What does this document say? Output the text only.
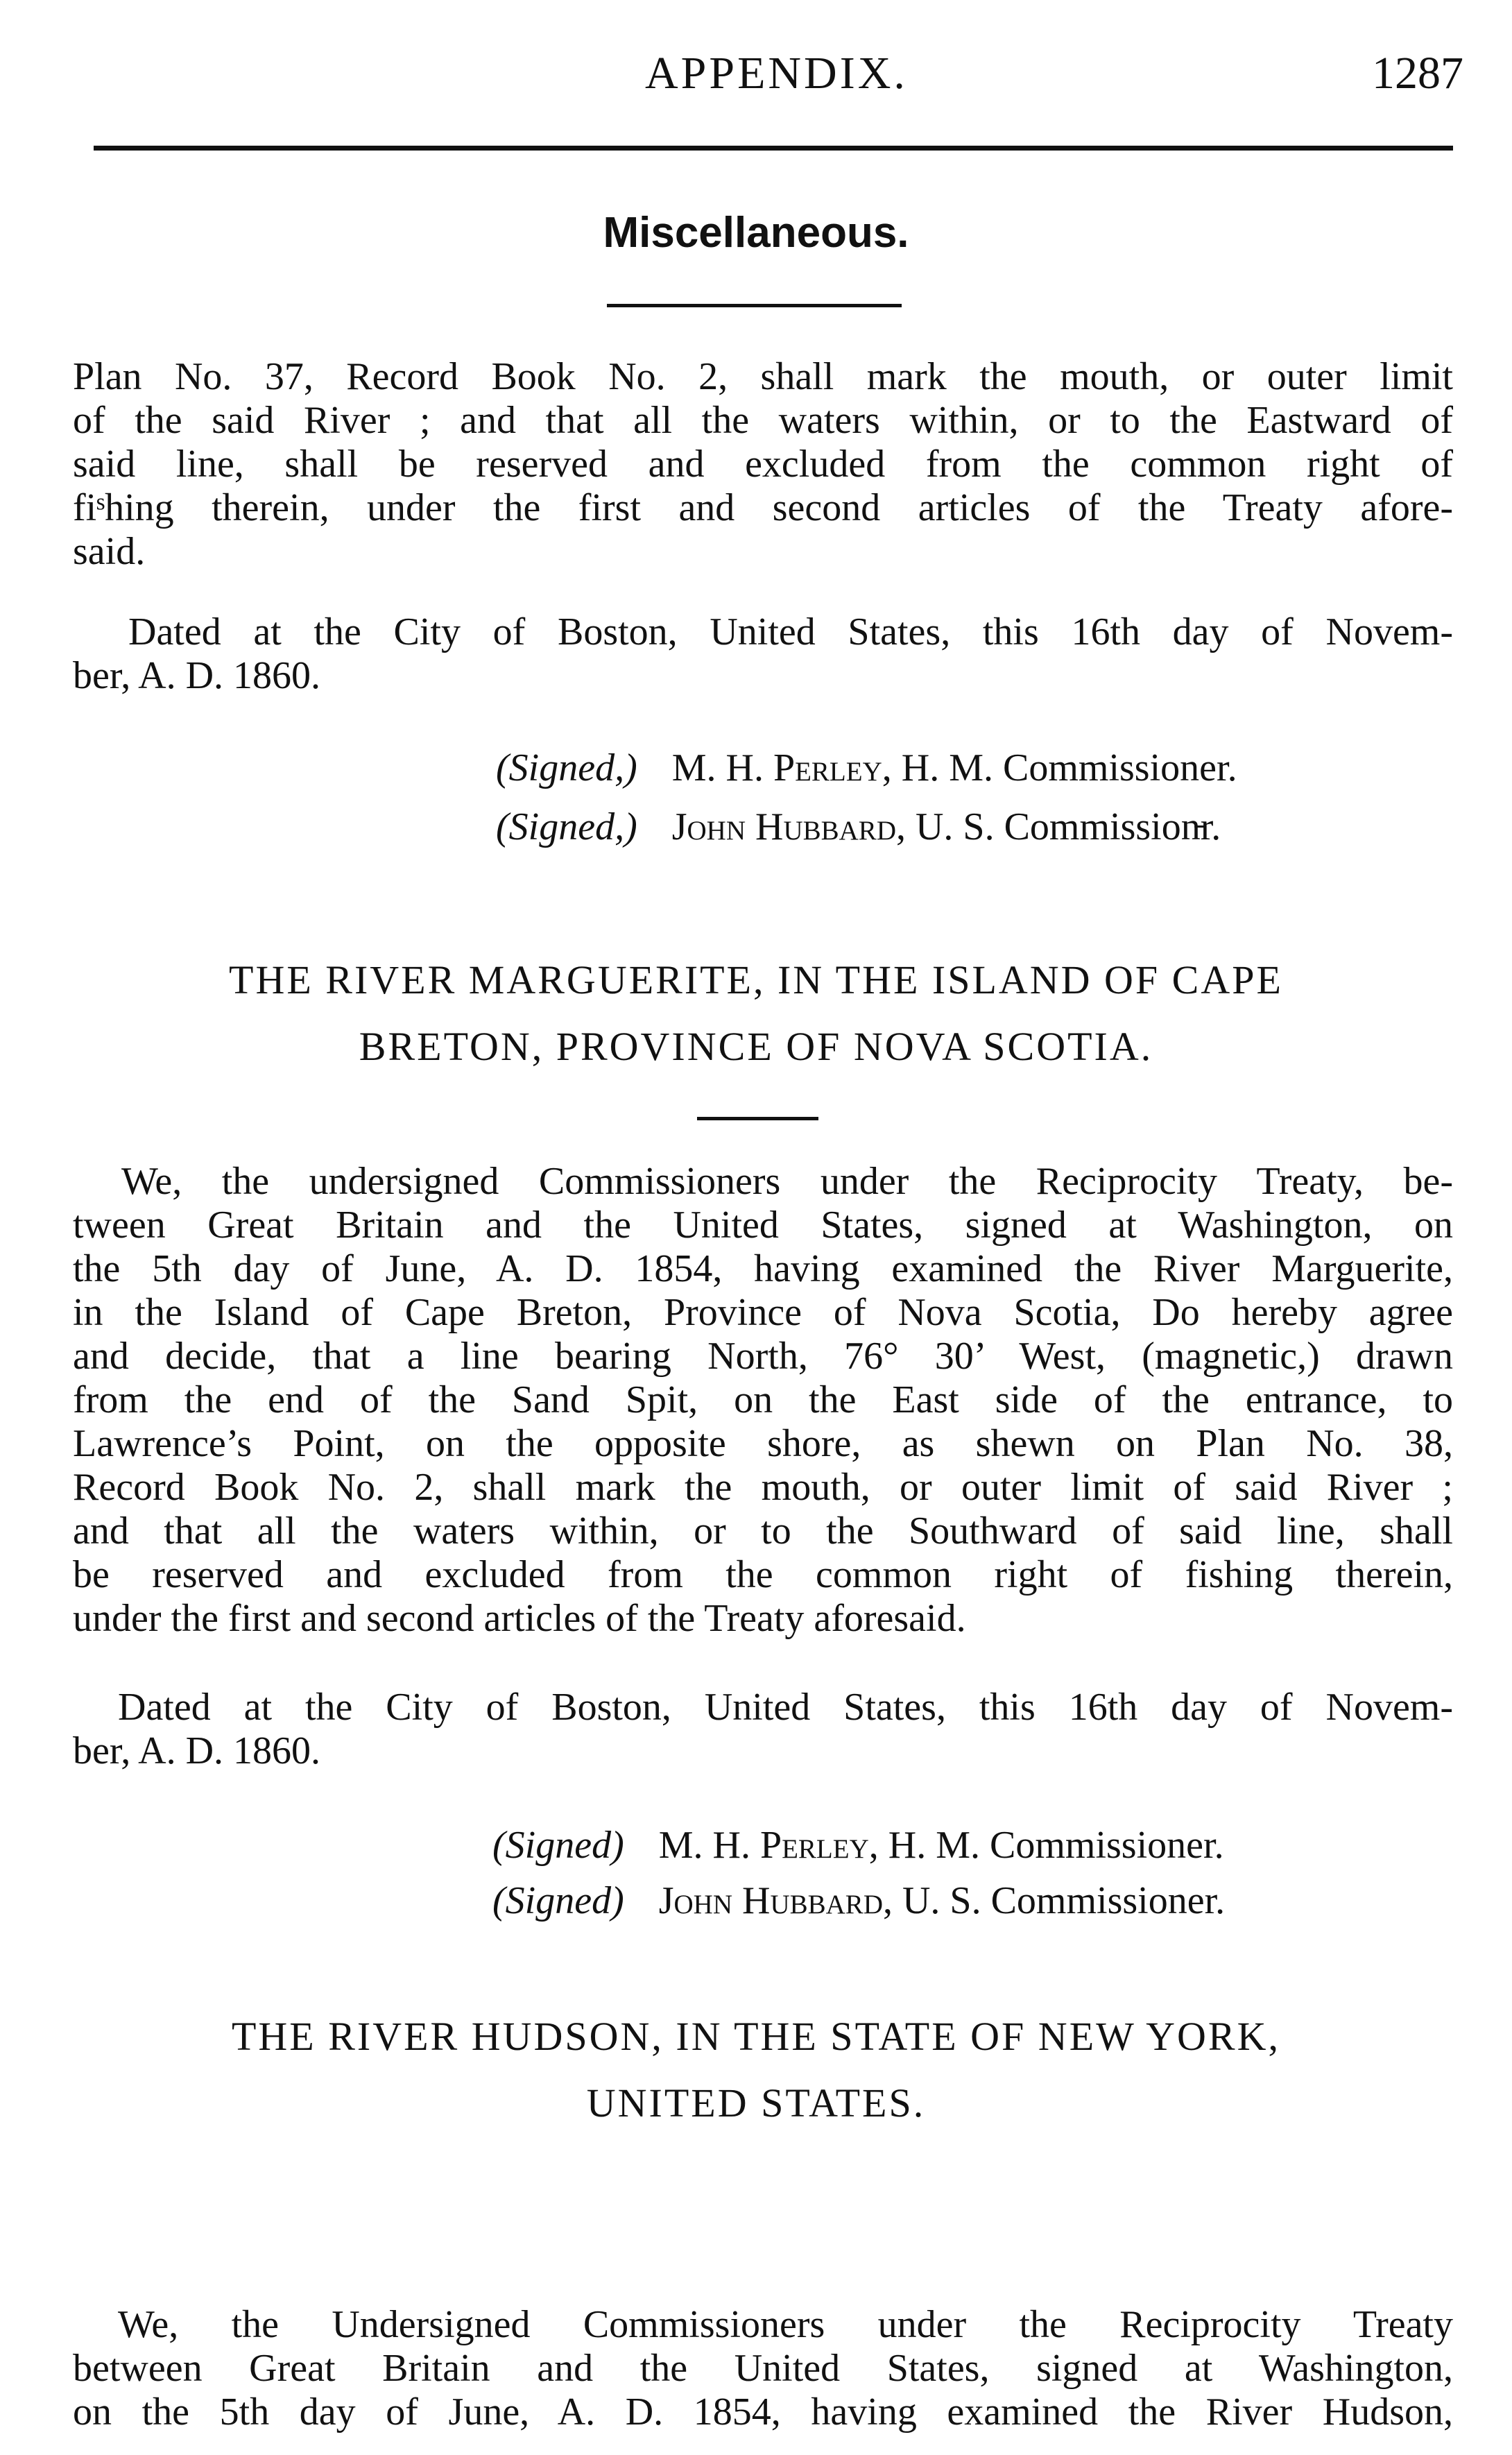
APPENDIX.	1287
Miscellaneous.
Plan No. 37, Record Book No. 2, shall mark the mouth, or outer limit
of the said River ; and that all the waters within, or to the Eastward of
said line, shall be reserved and excluded from the common right of
fiˢhing therein, under the first and second articles of the Treaty afore-
said.
Dated at the City of Boston, United States, this 16th day of Novem-
ber, A. D. 1860.
(Signed,) M. H. Perley, H. M. Commissioner.
(Signed,) John Hubbard, U. S. Commission̵r.
THE RIVER MARGUERITE, IN THE ISLAND OF CAPE
BRETON, PROVINCE OF NOVA SCOTIA.
We, the undersigned Commissioners under the Reciprocity Treaty, be-
tween Great Britain and the United States, signed at Washington, on
the 5th day of June, A. D. 1854, having examined the River Marguerite,
in the Island of Cape Breton, Province of Nova Scotia, Do hereby agree
and decide, that a line bearing North, 76° 30’ West, (magnetic,) drawn
from the end of the Sand Spit, on the East side of the entrance, to
Lawrence’s Point, on the opposite shore, as shewn on Plan No. 38,
Record Book No. 2, shall mark the mouth, or outer limit of said River ;
and that all the waters within, or to the Southward of said line, shall
be reserved and excluded from the common right of fishing therein,
under the first and second articles of the Treaty aforesaid.
Dated at the City of Boston, United States, this 16th day of Novem-
ber, A. D. 1860.
(Signed) M. H. Perley, H. M. Commissioner.
(Signed) John Hubbard, U. S. Commissioner.
THE RIVER HUDSON, IN THE STATE OF NEW YORK,
UNITED STATES.
We, the Undersigned Commissioners under the Reciprocity Treaty
between Great Britain and the United States, signed at Washington,
on the 5th day of June, A. D. 1854, having examined the River Hudson,
